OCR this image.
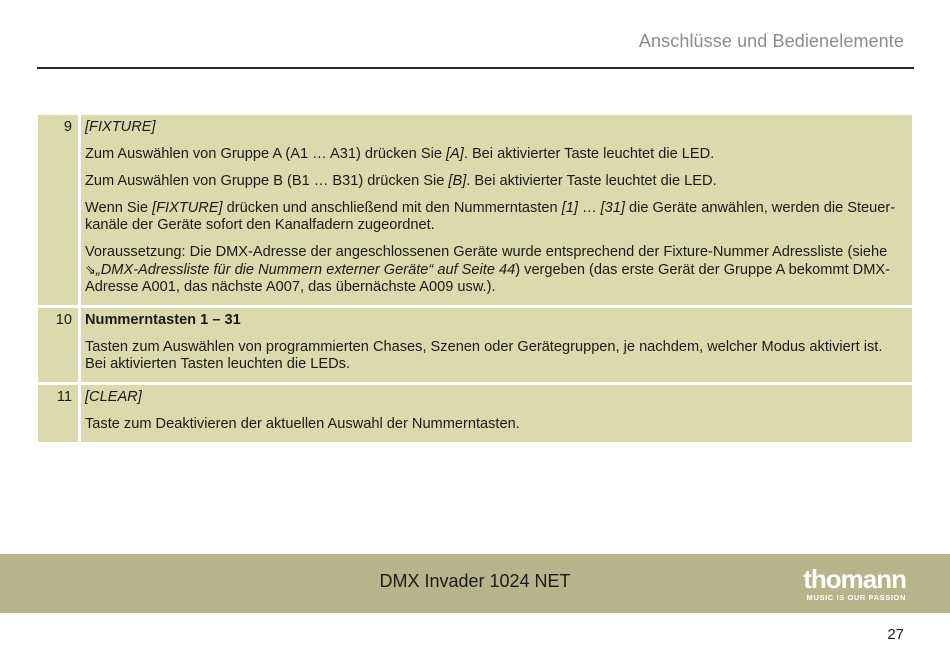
Anschlüsse und Bedienelemente
9 [FIXTURE]

Zum Auswählen von Gruppe A (A1 … A31) drücken Sie [A]. Bei aktivierter Taste leuchtet die LED.

Zum Auswählen von Gruppe B (B1 … B31) drücken Sie [B]. Bei aktivierter Taste leuchtet die LED.

Wenn Sie [FIXTURE] drücken und anschließend mit den Nummerntasten [1] … [31] die Geräte anwählen, werden die Steuer-kanäle der Geräte sofort den Kanalfadern zugeordnet.

Voraussetzung: Die DMX-Adresse der angeschlossenen Geräte wurde entsprechend der Fixture-Nummer Adressliste (siehe
⇘„DMX-Adressliste für die Nummern externer Geräte“ auf Seite 44) vergeben (das erste Gerät der Gruppe A bekommt DMX-Adresse A001, das nächste A007, das übernächste A009 usw.).

10 Nummerntasten 1 – 31

Tasten zum Auswählen von programmierten Chases, Szenen oder Gerätegruppen, je nachdem, welcher Modus aktiviert ist. Bei aktivierten Tasten leuchten die LEDs.

11 [CLEAR]

Taste zum Deaktivieren der aktuellen Auswahl der Nummerntasten.

DMX Invader 1024 NET	thomann
MUSIC IS OUR PASSION
27
